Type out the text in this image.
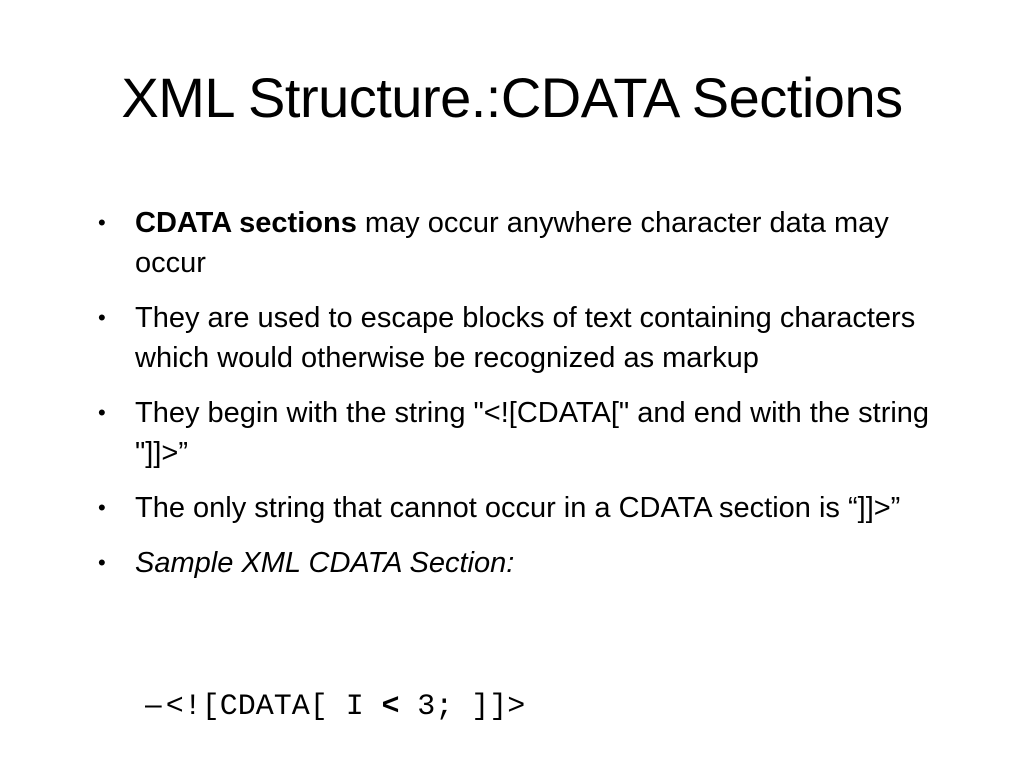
XML Structure.:CDATA Sections
•	CDATA sections may occur anywhere character data may occur
•	They are used to escape blocks of text containing characters which would otherwise be recognized as markup
•	They begin with the string "<![CDATA[" and end with the string "]]>”
•	The only string that cannot occur in a CDATA section is “]]>”
•	Sample XML CDATA Section:
– <![CDATA[ I < 3; ]]>
